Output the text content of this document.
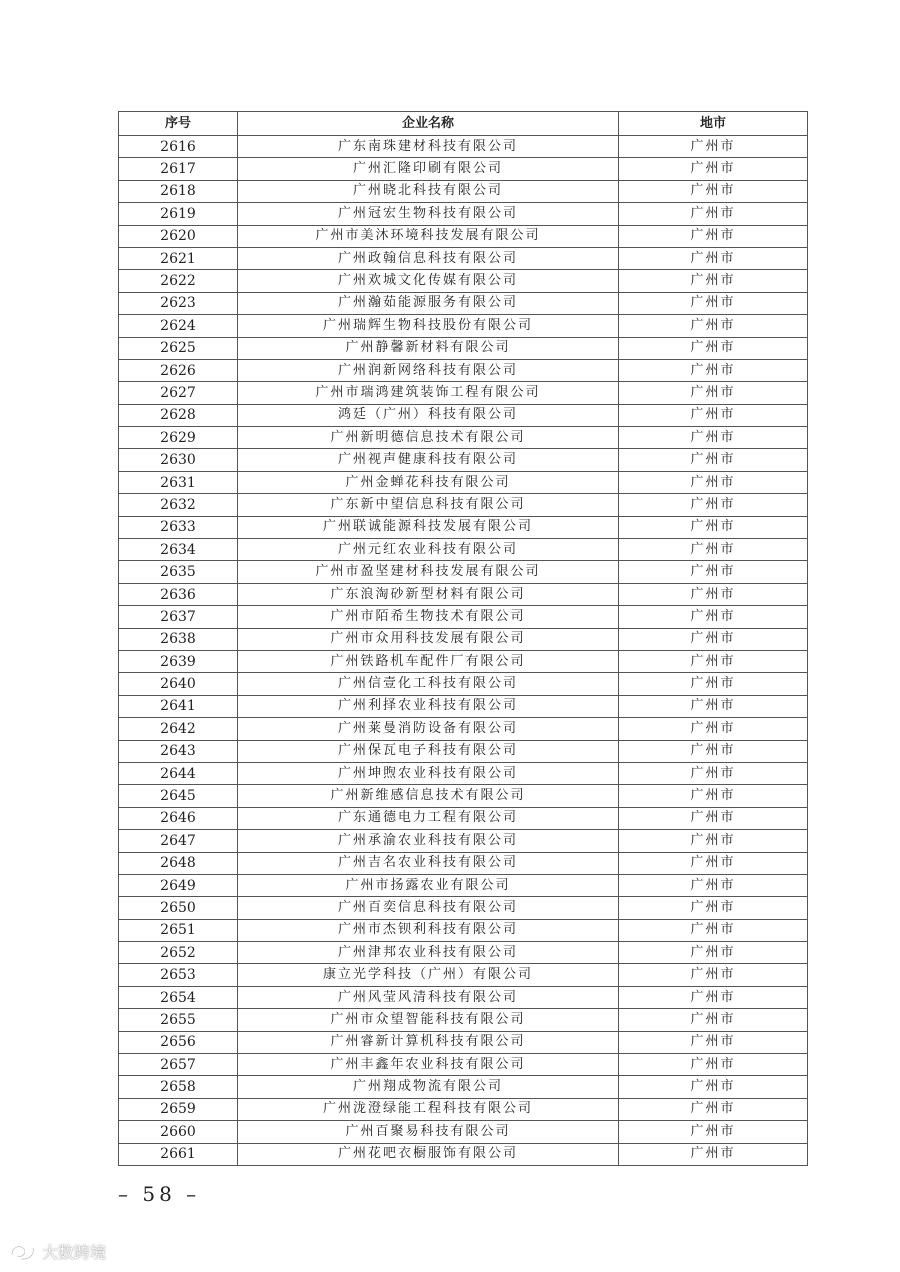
序号	企业名称	地市
2616	广东南珠建材科技有限公司	广州市
2617	广州汇隆印刷有限公司	广州市
2618	广州晓北科技有限公司	广州市
2619	广州冠宏生物科技有限公司	广州市
2620	广州市美沐环境科技发展有限公司	广州市
2621	广州政翰信息科技有限公司	广州市
2622	广州欢城文化传媒有限公司	广州市
2623	广州瀚茹能源服务有限公司	广州市
2624	广州瑞辉生物科技股份有限公司	广州市
2625	广州静馨新材料有限公司	广州市
2626	广州润新网络科技有限公司	广州市
2627	广州市瑞鸿建筑装饰工程有限公司	广州市
2628	鸿廷（广州）科技有限公司	广州市
2629	广州新明德信息技术有限公司	广州市
2630	广州视声健康科技有限公司	广州市
2631	广州金蝉花科技有限公司	广州市
2632	广东新中望信息科技有限公司	广州市
2633	广州联诚能源科技发展有限公司	广州市
2634	广州元红农业科技有限公司	广州市
2635	广州市盈坚建材科技发展有限公司	广州市
2636	广东浪淘砂新型材料有限公司	广州市
2637	广州市陌希生物技术有限公司	广州市
2638	广州市众用科技发展有限公司	广州市
2639	广州铁路机车配件厂有限公司	广州市
2640	广州信壹化工科技有限公司	广州市
2641	广州利择农业科技有限公司	广州市
2642	广州莱曼消防设备有限公司	广州市
2643	广州保瓦电子科技有限公司	广州市
2644	广州坤煦农业科技有限公司	广州市
2645	广州新维感信息技术有限公司	广州市
2646	广东通德电力工程有限公司	广州市
2647	广州承渝农业科技有限公司	广州市
2648	广州吉名农业科技有限公司	广州市
2649	广州市扬露农业有限公司	广州市
2650	广州百奕信息科技有限公司	广州市
2651	广州市杰钡利科技有限公司	广州市
2652	广州津邦农业科技有限公司	广州市
2653	康立光学科技（广州）有限公司	广州市
2654	广州风莹风清科技有限公司	广州市
2655	广州市众望智能科技有限公司	广州市
2656	广州睿新计算机科技有限公司	广州市
2657	广州丰鑫年农业科技有限公司	广州市
2658	广州翔成物流有限公司	广州市
2659	广州泷澄绿能工程科技有限公司	广州市
2660	广州百聚易科技有限公司	广州市
2661	广州花吧衣橱服饰有限公司	广州市
– 58 –
大数跨境
